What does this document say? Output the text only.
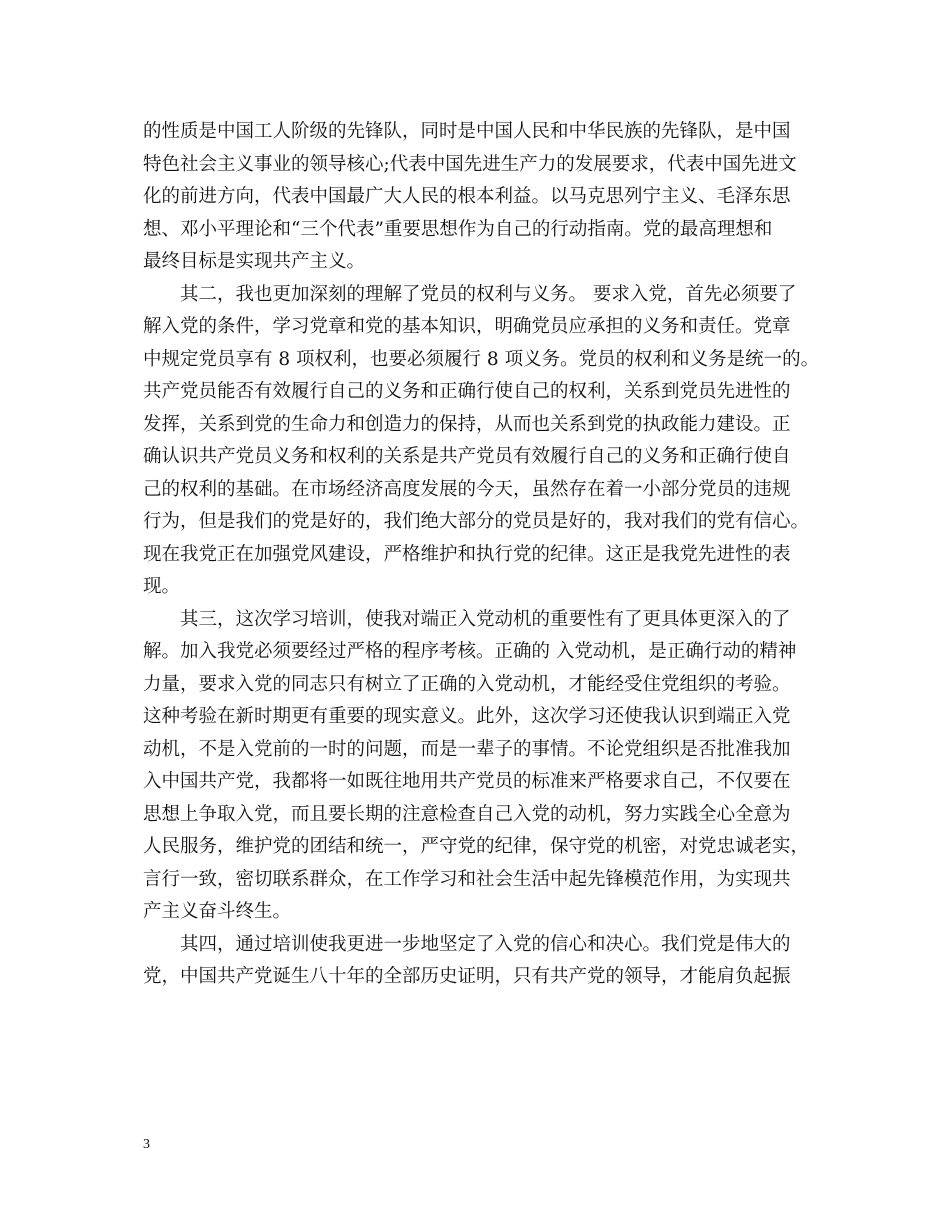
的性质是中国工人阶级的先锋队，同时是中国人民和中华民族的先锋队，是中国
特色社会主义事业的领导核心;代表中国先进生产力的发展要求，代表中国先进文
化的前进方向，代表中国最广大人民的根本利益。以马克思列宁主义、毛泽东思
想、邓小平理论和“三个代表”重要思想作为自己的行动指南。党的最高理想和
最终目标是实现共产主义。
其二，我也更加深刻的理解了党员的权利与义务。 要求入党，首先必须要了
解入党的条件，学习党章和党的基本知识，明确党员应承担的义务和责任。党章
中规定党员享有 8 项权利，也要必须履行 8 项义务。党员的权利和义务是统一的。
共产党员能否有效履行自己的义务和正确行使自己的权利，关系到党员先进性的
发挥，关系到党的生命力和创造力的保持，从而也关系到党的执政能力建设。正
确认识共产党员义务和权利的关系是共产党员有效履行自己的义务和正确行使自
己的权利的基础。在市场经济高度发展的今天，虽然存在着一小部分党员的违规
行为，但是我们的党是好的，我们绝大部分的党员是好的，我对我们的党有信心。
现在我党正在加强党风建设，严格维护和执行党的纪律。这正是我党先进性的表
现。
其三，这次学习培训，使我对端正入党动机的重要性有了更具体更深入的了
解。加入我党必须要经过严格的程序考核。正确的 入党动机，是正确行动的精神
力量，要求入党的同志只有树立了正确的入党动机，才能经受住党组织的考验。
这种考验在新时期更有重要的现实意义。此外，这次学习还使我认识到端正入党
动机，不是入党前的一时的问题，而是一辈子的事情。不论党组织是否批准我加
入中国共产党，我都将一如既往地用共产党员的标准来严格要求自己，不仅要在
思想上争取入党，而且要长期的注意检查自己入党的动机，努力实践全心全意为
人民服务，维护党的团结和统一，严守党的纪律，保守党的机密，对党忠诚老实，
言行一致，密切联系群众，在工作学习和社会生活中起先锋模范作用，为实现共
产主义奋斗终生。
其四，通过培训使我更进一步地坚定了入党的信心和决心。我们党是伟大的
党，中国共产党诞生八十年的全部历史证明，只有共产党的领导，才能肩负起振
3
